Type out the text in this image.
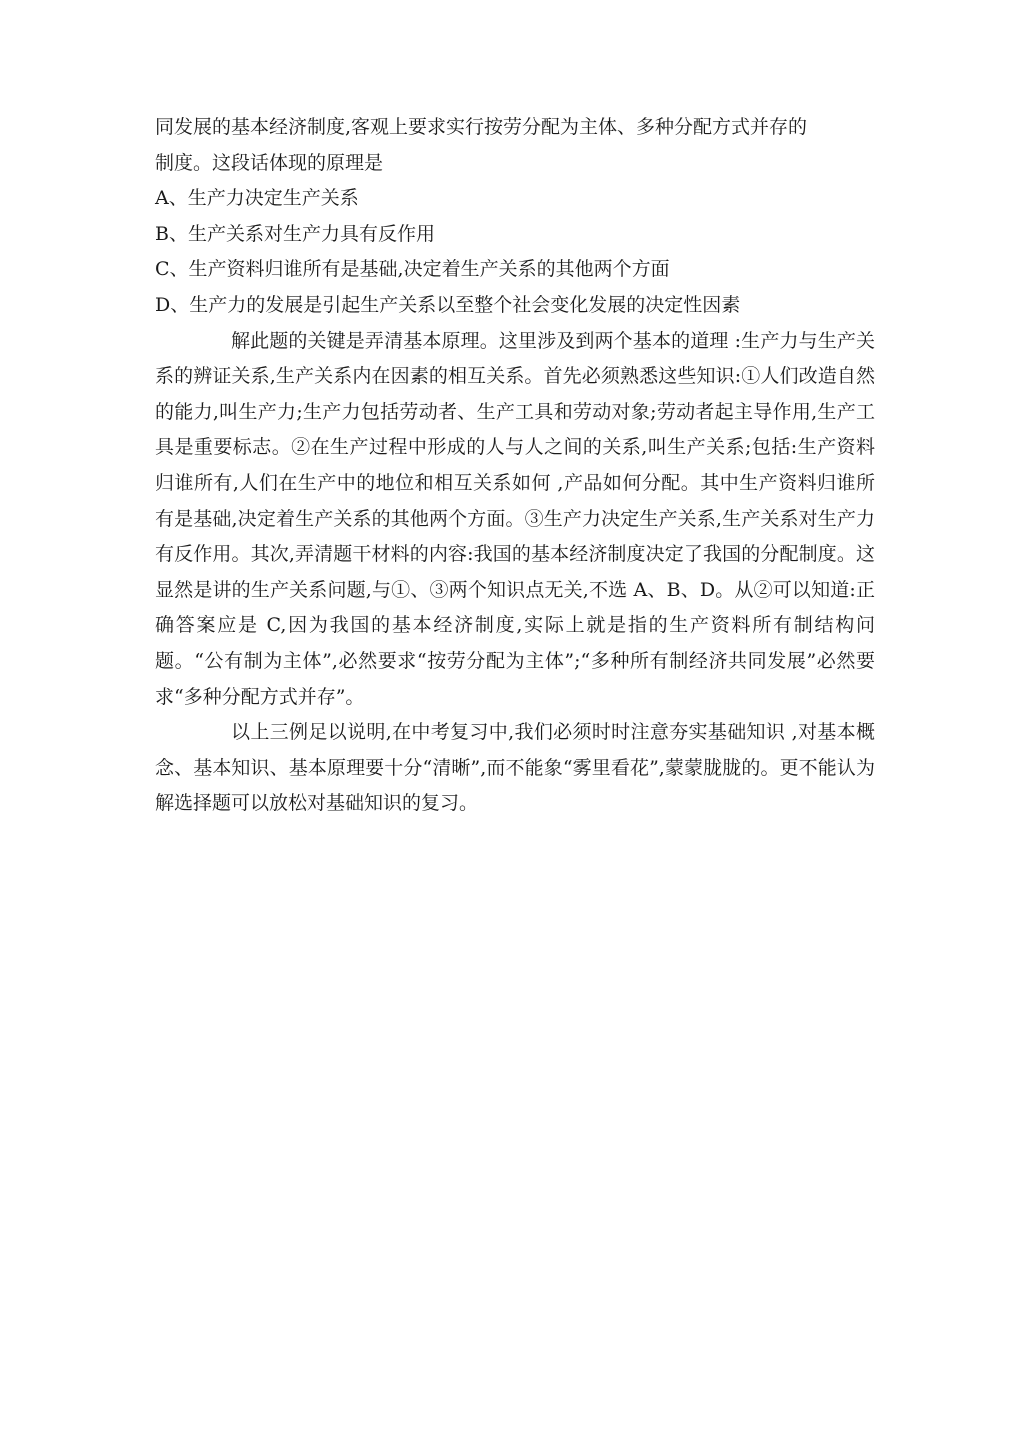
同发展的基本经济制度,客观上要求实行按劳分配为主体、多种分配方式并存的

制度。这段话体现的原理是

A、生产力决定生产关系

B、生产关系对生产力具有反作用

C、生产资料归谁所有是基础,决定着生产关系的其他两个方面

D、生产力的发展是引起生产关系以至整个社会变化发展的决定性因素

解此题的关键是弄清基本原理。这里涉及到两个基本的道理 :生产力与生产关系的辨证关系,生产关系内在因素的相互关系。首先必须熟悉这些知识:①人们改造自然的能力,叫生产力;生产力包括劳动者、生产工具和劳动对象;劳动者起主导作用,生产工具是重要标志。②在生产过程中形成的人与人之间的关系,叫生产关系;包括:生产资料归谁所有,人们在生产中的地位和相互关系如何 ,产品如何分配。其中生产资料归谁所有是基础,决定着生产关系的其他两个方面。③生产力决定生产关系,生产关系对生产力有反作用。其次,弄清题干材料的内容:我国的基本经济制度决定了我国的分配制度。这显然是讲的生产关系问题,与①、③两个知识点无关,不选 A、B、D。从②可以知道:正确答案应是 C,因为我国的基本经济制度,实际上就是指的生产资料所有制结构问题。“公有制为主体”,必然要求“按劳分配为主体”;“多种所有制经济共同发展”必然要求“多种分配方式并存”。

以上三例足以说明,在中考复习中,我们必须时时注意夯实基础知识 ,对基本概念、基本知识、基本原理要十分“清晰”,而不能象“雾里看花”,蒙蒙胧胧的。更不能认为解选择题可以放松对基础知识的复习。
